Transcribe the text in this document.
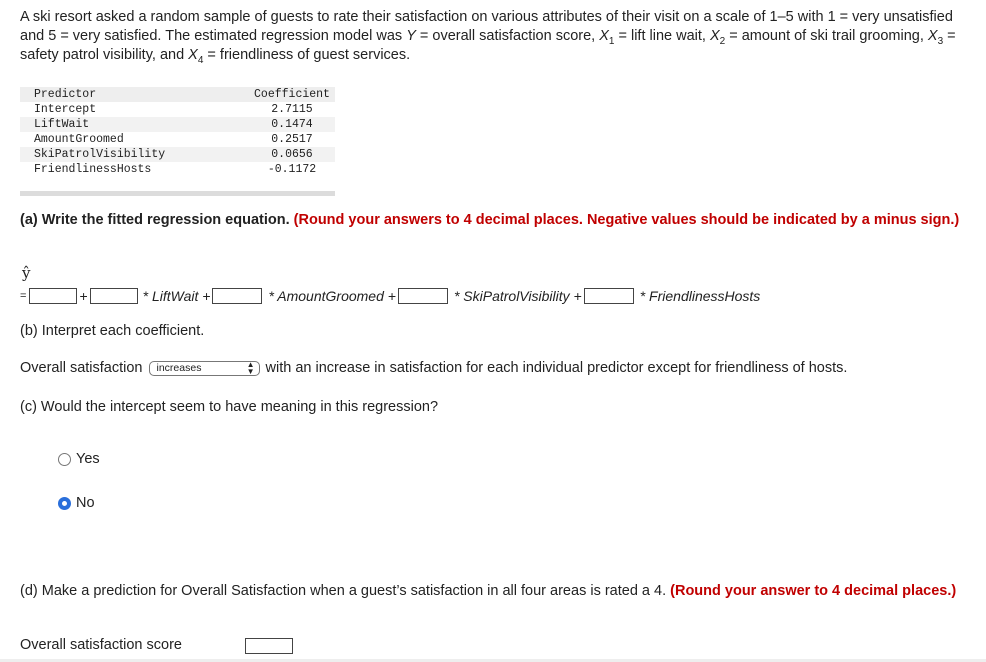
A ski resort asked a random sample of guests to rate their satisfaction on various attributes of their visit on a scale of 1–5 with 1 = very unsatisfied and 5 = very satisfied. The estimated regression model was Y = overall satisfaction score, $X_1$ = lift line wait, $X_2$ = amount of ski trail grooming, $X_3$ = safety patrol visibility, and $X_4$ = friendliness of guest services.
Predictor	Coefficient
Intercept	2.7115
LiftWait	0.1474
AmountGroomed	0.2517
SkiPatrolVisibility	0.0656
FriendlinessHosts	-0.1172
(a) Write the fitted regression equation. (Round your answers to 4 decimal places. Negative values should be indicated by a minus sign.)
ŷ
=	+	* LiftWait +	* AmountGroomed +	* SkiPatrolVisibility +	* FriendlinessHosts
(b) Interpret each coefficient.
Overall satisfaction increases	▲
▼ with an increase in satisfaction for each individual predictor except for friendliness of hosts.
(c) Would the intercept seem to have meaning in this regression?
Yes
No
(d) Make a prediction for Overall Satisfaction when a guest’s satisfaction in all four areas is rated a 4. (Round your answer to 4 decimal places.)
Overall satisfaction score
